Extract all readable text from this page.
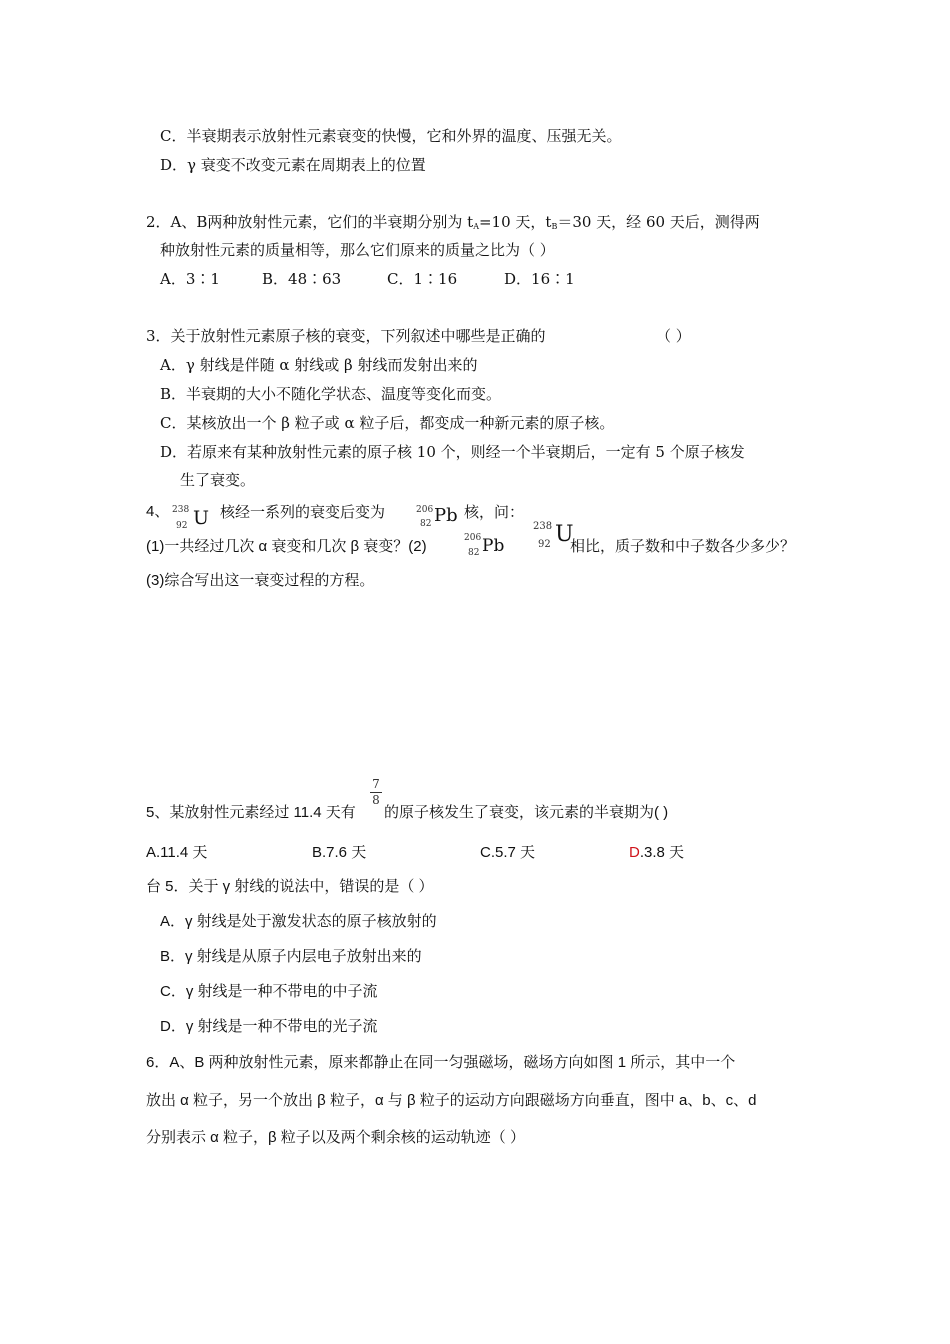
C．半衰期表示放射性元素衰变的快慢，它和外界的温度、压强无关。
D．γ 衰变不改变元素在周期表上的位置
2．A、B两种放射性元素，它们的半衰期分别为 $t_A=10$ 天，$t_B=30$ 天，经 60 天后，测得两
种放射性元素的质量相等，那么它们原来的质量之比为（ ）
A．3∶1	B．48∶63	C．1∶16	D．16∶1
3．关于放射性元素原子核的衰变，下列叙述中哪些是正确的	（ ）
A．γ 射线是伴随 α 射线或 β 射线而发射出来的
B．半衰期的大小不随化学状态、温度等变化而变。
C．某核放出一个 β 粒子或 α 粒子后，都变成一种新元素的原子核。
D．若原来有某种放射性元素的原子核 10 个，则经一个半衰期后，一定有 5 个原子核发
生了衰变。
4、 238
92 U 核经一系列的衰变后变为	206
82 Pb 核，问：
(1)一共经过几次 α 衰变和几次 β 衰变？(2)	206
82 Pb
238
92 U
相比，质子数和中子数各少多少？
(3)综合写出这一衰变过程的方程。
5、某放射性元素经过 11.4 天有
7
8
的原子核发生了衰变，该元素的半衰期为( )
A.11.4 天	B.7.6 天	C.5.7 天	D.3.8 天
台 5．关于 γ 射线的说法中，错误的是（ ）
A．γ 射线是处于激发状态的原子核放射的
B．γ 射线是从原子内层电子放射出来的
C．γ 射线是一种不带电的中子流
D．γ 射线是一种不带电的光子流
6．A、B 两种放射性元素，原来都静止在同一匀强磁场，磁场方向如图 1 所示，其中一个
放出 α 粒子，另一个放出 β 粒子，α 与 β 粒子的运动方向跟磁场方向垂直，图中 a、b、c、d
分别表示 α 粒子，β 粒子以及两个剩余核的运动轨迹（ ）
